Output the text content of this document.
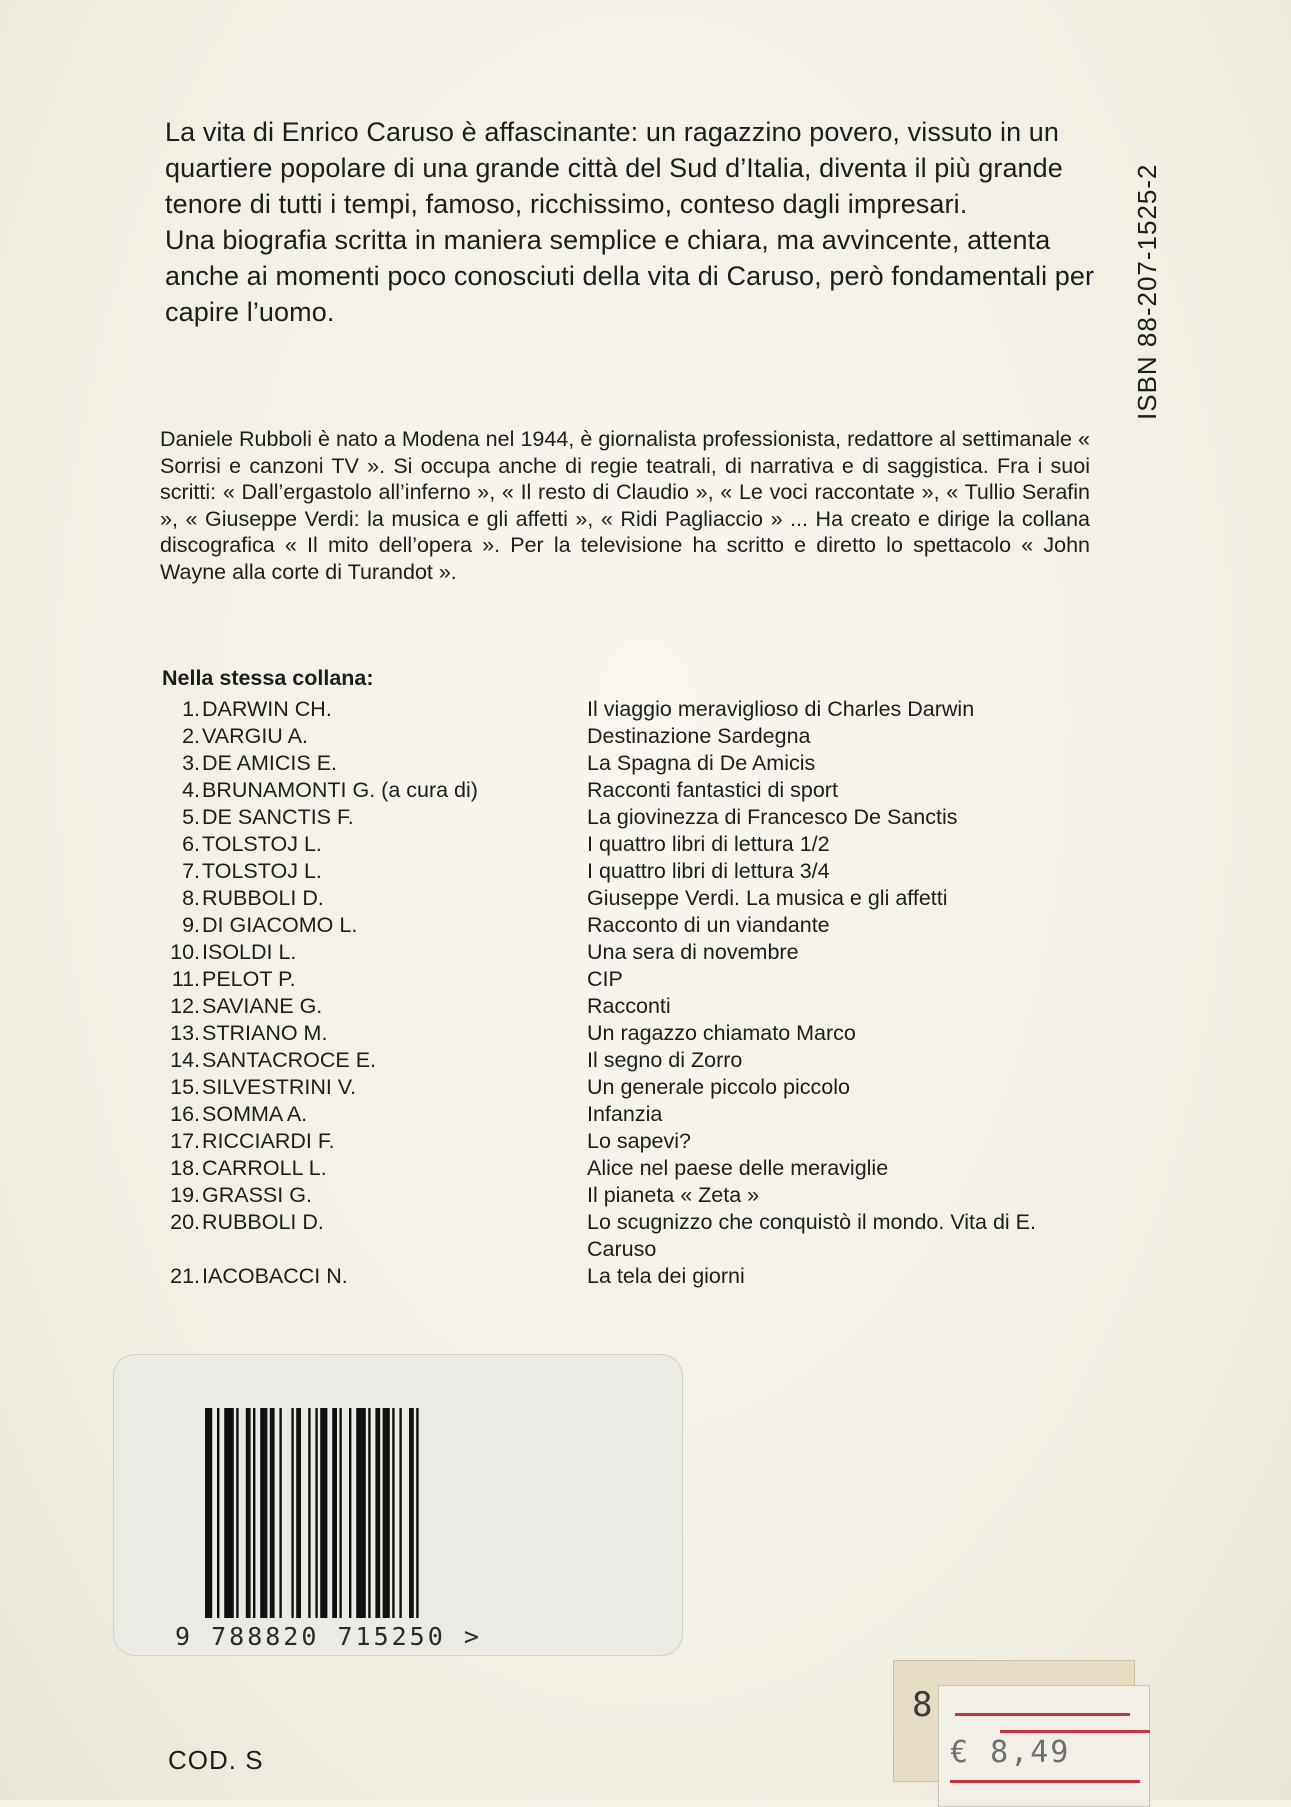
La vita di Enrico Caruso è affascinante: un ragazzino povero, vissuto in un quartiere popolare di una grande città del Sud d’Italia, diventa il più grande tenore di tutti i tempi, famoso, ricchissimo, conteso dagli impresari.

Una biografia scritta in maniera semplice e chiara, ma avvincente, attenta anche ai momenti poco conosciuti della vita di Caruso, però fondamentali per capire l’uomo.	ISBN 88-207-1525-2
Daniele Rubboli è nato a Modena nel 1944, è giornalista professionista, redattore al settimanale « Sorrisi e canzoni TV ». Si occupa anche di regie teatrali, di narrativa e di saggistica. Fra i suoi scritti: « Dall’ergastolo all’inferno », « Il resto di Claudio », « Le voci raccontate », « Tullio Serafin », « Giuseppe Verdi: la musica e gli affetti », « Ridi Pagliaccio » ... Ha creato e dirige la collana discografica « Il mito dell’opera ». Per la televisione ha scritto e diretto lo spettacolo « John Wayne alla corte di Turandot ».
Nella stessa collana:
1. DARWIN CH.	Il viaggio meraviglioso di Charles Darwin
2. VARGIU A.	Destinazione Sardegna
3. DE AMICIS E.	La Spagna di De Amicis
4. BRUNAMONTI G. (a cura di)	Racconti fantastici di sport
5. DE SANCTIS F.	La giovinezza di Francesco De Sanctis
6. TOLSTOJ L.	I quattro libri di lettura 1/2
7. TOLSTOJ L.	I quattro libri di lettura 3/4
8. RUBBOLI D.	Giuseppe Verdi. La musica e gli affetti
9. DI GIACOMO L.	Racconto di un viandante
10. ISOLDI L.	Una sera di novembre
11. PELOT P.	CIP
12. SAVIANE G.	Racconti
13. STRIANO M.	Un ragazzo chiamato Marco
14. SANTACROCE E.	Il segno di Zorro
15. SILVESTRINI V.	Un generale piccolo piccolo
16. SOMMA A.	Infanzia
17. RICCIARDI F.	Lo sapevi?
18. CARROLL L.	Alice nel paese delle meraviglie
19. GRASSI G.	Il pianeta « Zeta »
20. RUBBOLI D.	Lo scugnizzo che conquistò il mondo. Vita di E. Caruso
21. IACOBACCI N.	La tela dei giorni
9 788820 715250 >
COD. S
8
€ 8,49
